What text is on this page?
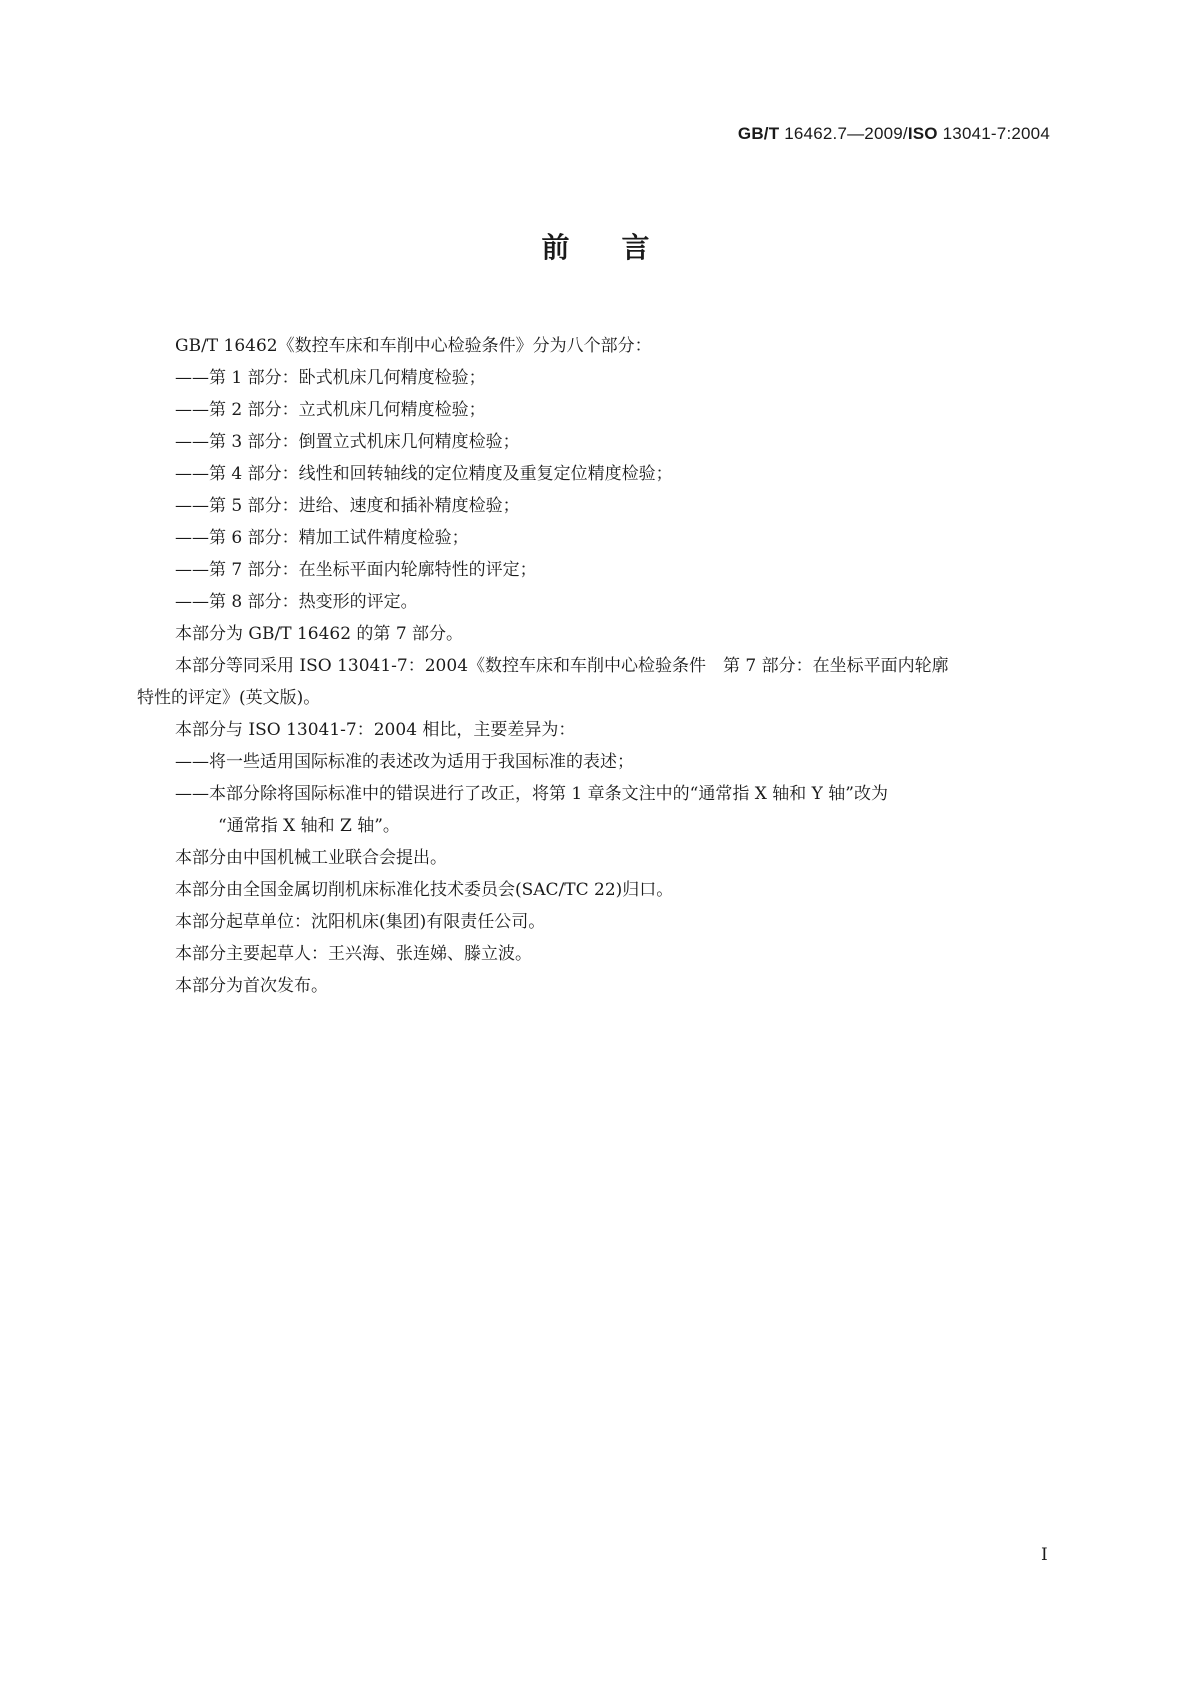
GB/T 16462.7—2009/ISO 13041-7:2004
前言

GB/T 16462《数控车床和车削中心检验条件》分为八个部分：

——第 1 部分：卧式机床几何精度检验；

——第 2 部分：立式机床几何精度检验；

——第 3 部分：倒置立式机床几何精度检验；

——第 4 部分：线性和回转轴线的定位精度及重复定位精度检验；

——第 5 部分：进给、速度和插补精度检验；

——第 6 部分：精加工试件精度检验；

——第 7 部分：在坐标平面内轮廓特性的评定；

——第 8 部分：热变形的评定。

本部分为 GB/T 16462 的第 7 部分。

本部分等同采用 ISO 13041-7：2004《数控车床和车削中心检验条件　第 7 部分：在坐标平面内轮廓
特性的评定》(英文版)。

本部分与 ISO 13041-7：2004 相比，主要差异为：

——将一些适用国际标准的表述改为适用于我国标准的表述；

——本部分除将国际标准中的错误进行了改正，将第 1 章条文注中的“通常指 X 轴和 Y 轴”改为
“通常指 X 轴和 Z 轴”。

本部分由中国机械工业联合会提出。

本部分由全国金属切削机床标准化技术委员会(SAC/TC 22)归口。

本部分起草单位：沈阳机床(集团)有限责任公司。

本部分主要起草人：王兴海、张连娣、滕立波。

本部分为首次发布。

I
